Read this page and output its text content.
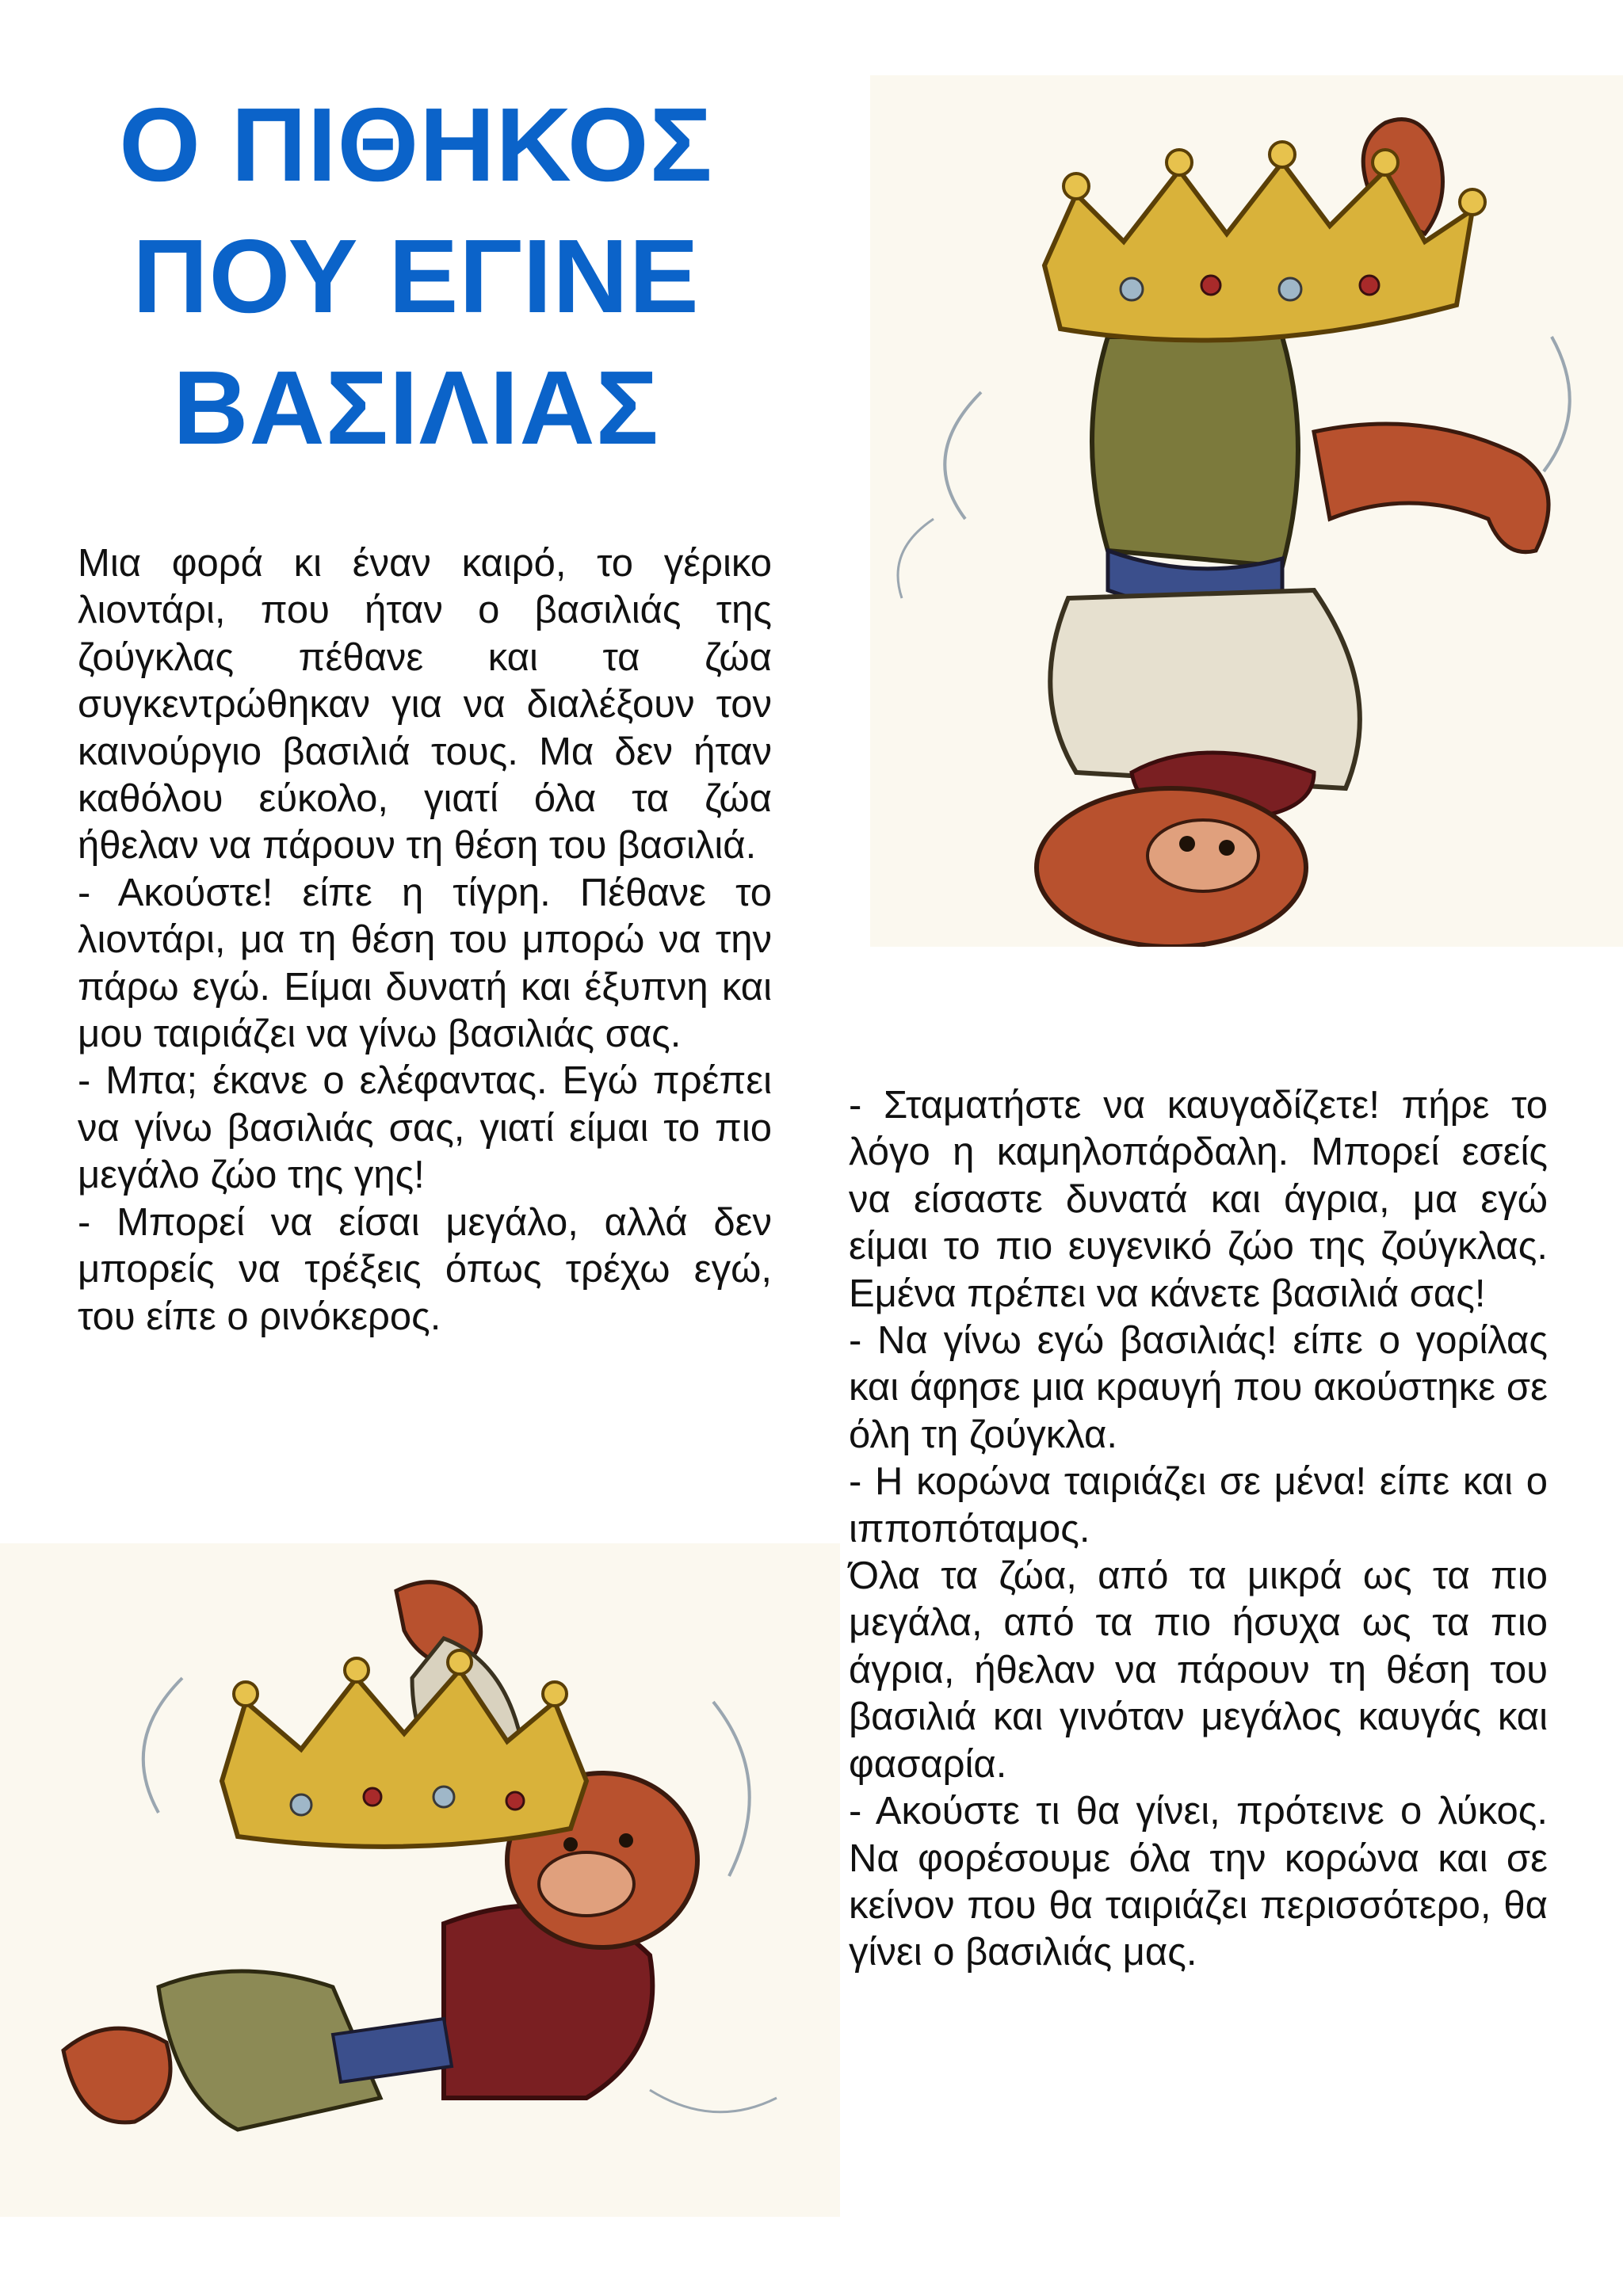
Ο ΠΙΘΗΚΟΣ
ΠΟΥ ΕΓΙΝΕ
ΒΑΣΙΛΙΑΣ

Μια φορά κι έναν καιρό, το γέρικο λιοντάρι, που ήταν ο βασιλιάς της ζούγκλας πέθανε και τα ζώα συγκεντρώθηκαν για να διαλέξουν τον καινούργιο βασιλιά τους. Μα δεν ήταν καθόλου εύκολο, γιατί όλα τα ζώα ήθελαν να πάρουν τη θέση του βασιλιά.

- Ακούστε! είπε η τίγρη. Πέθανε το λιοντάρι, μα τη θέση του μπορώ να την πάρω εγώ. Είμαι δυνατή και έξυπνη και μου ταιριάζει να γίνω βασιλιάς σας.

- Μπα; έκανε ο ελέφαντας. Εγώ πρέπει να γίνω βασιλιάς σας, γιατί είμαι το πιο μεγάλο ζώο της γης!

- Μπορεί να είσαι μεγάλο, αλλά δεν μπορείς να τρέξεις όπως τρέχω εγώ, του είπε ο ρινόκερος.

- Σταματήστε να καυγαδίζετε! πήρε το λόγο η καμηλοπάρδαλη. Μπορεί εσείς να είσαστε δυνατά και άγρια, μα εγώ είμαι το πιο ευγενικό ζώο της ζούγκλας. Εμένα πρέπει να κάνετε βασιλιά σας!

- Να γίνω εγώ βασιλιάς! είπε ο γορίλας και άφησε μια κραυγή που ακούστηκε σε όλη τη ζούγκλα.

- Η κορώνα ταιριάζει σε μένα! είπε και ο ιπποπόταμος.

Όλα τα ζώα, από τα μικρά ως τα πιο μεγάλα, από τα πιο ήσυχα ως τα πιο άγρια, ήθελαν να πάρουν τη θέση του βασιλιά και γινόταν μεγάλος καυγάς και φασαρία.

- Ακούστε τι θα γίνει, πρότεινε ο λύκος. Να φορέσουμε όλα την κορώνα και σε κείνον που θα ταιριάζει περισσότερο, θα γίνει ο βασιλιάς μας.
